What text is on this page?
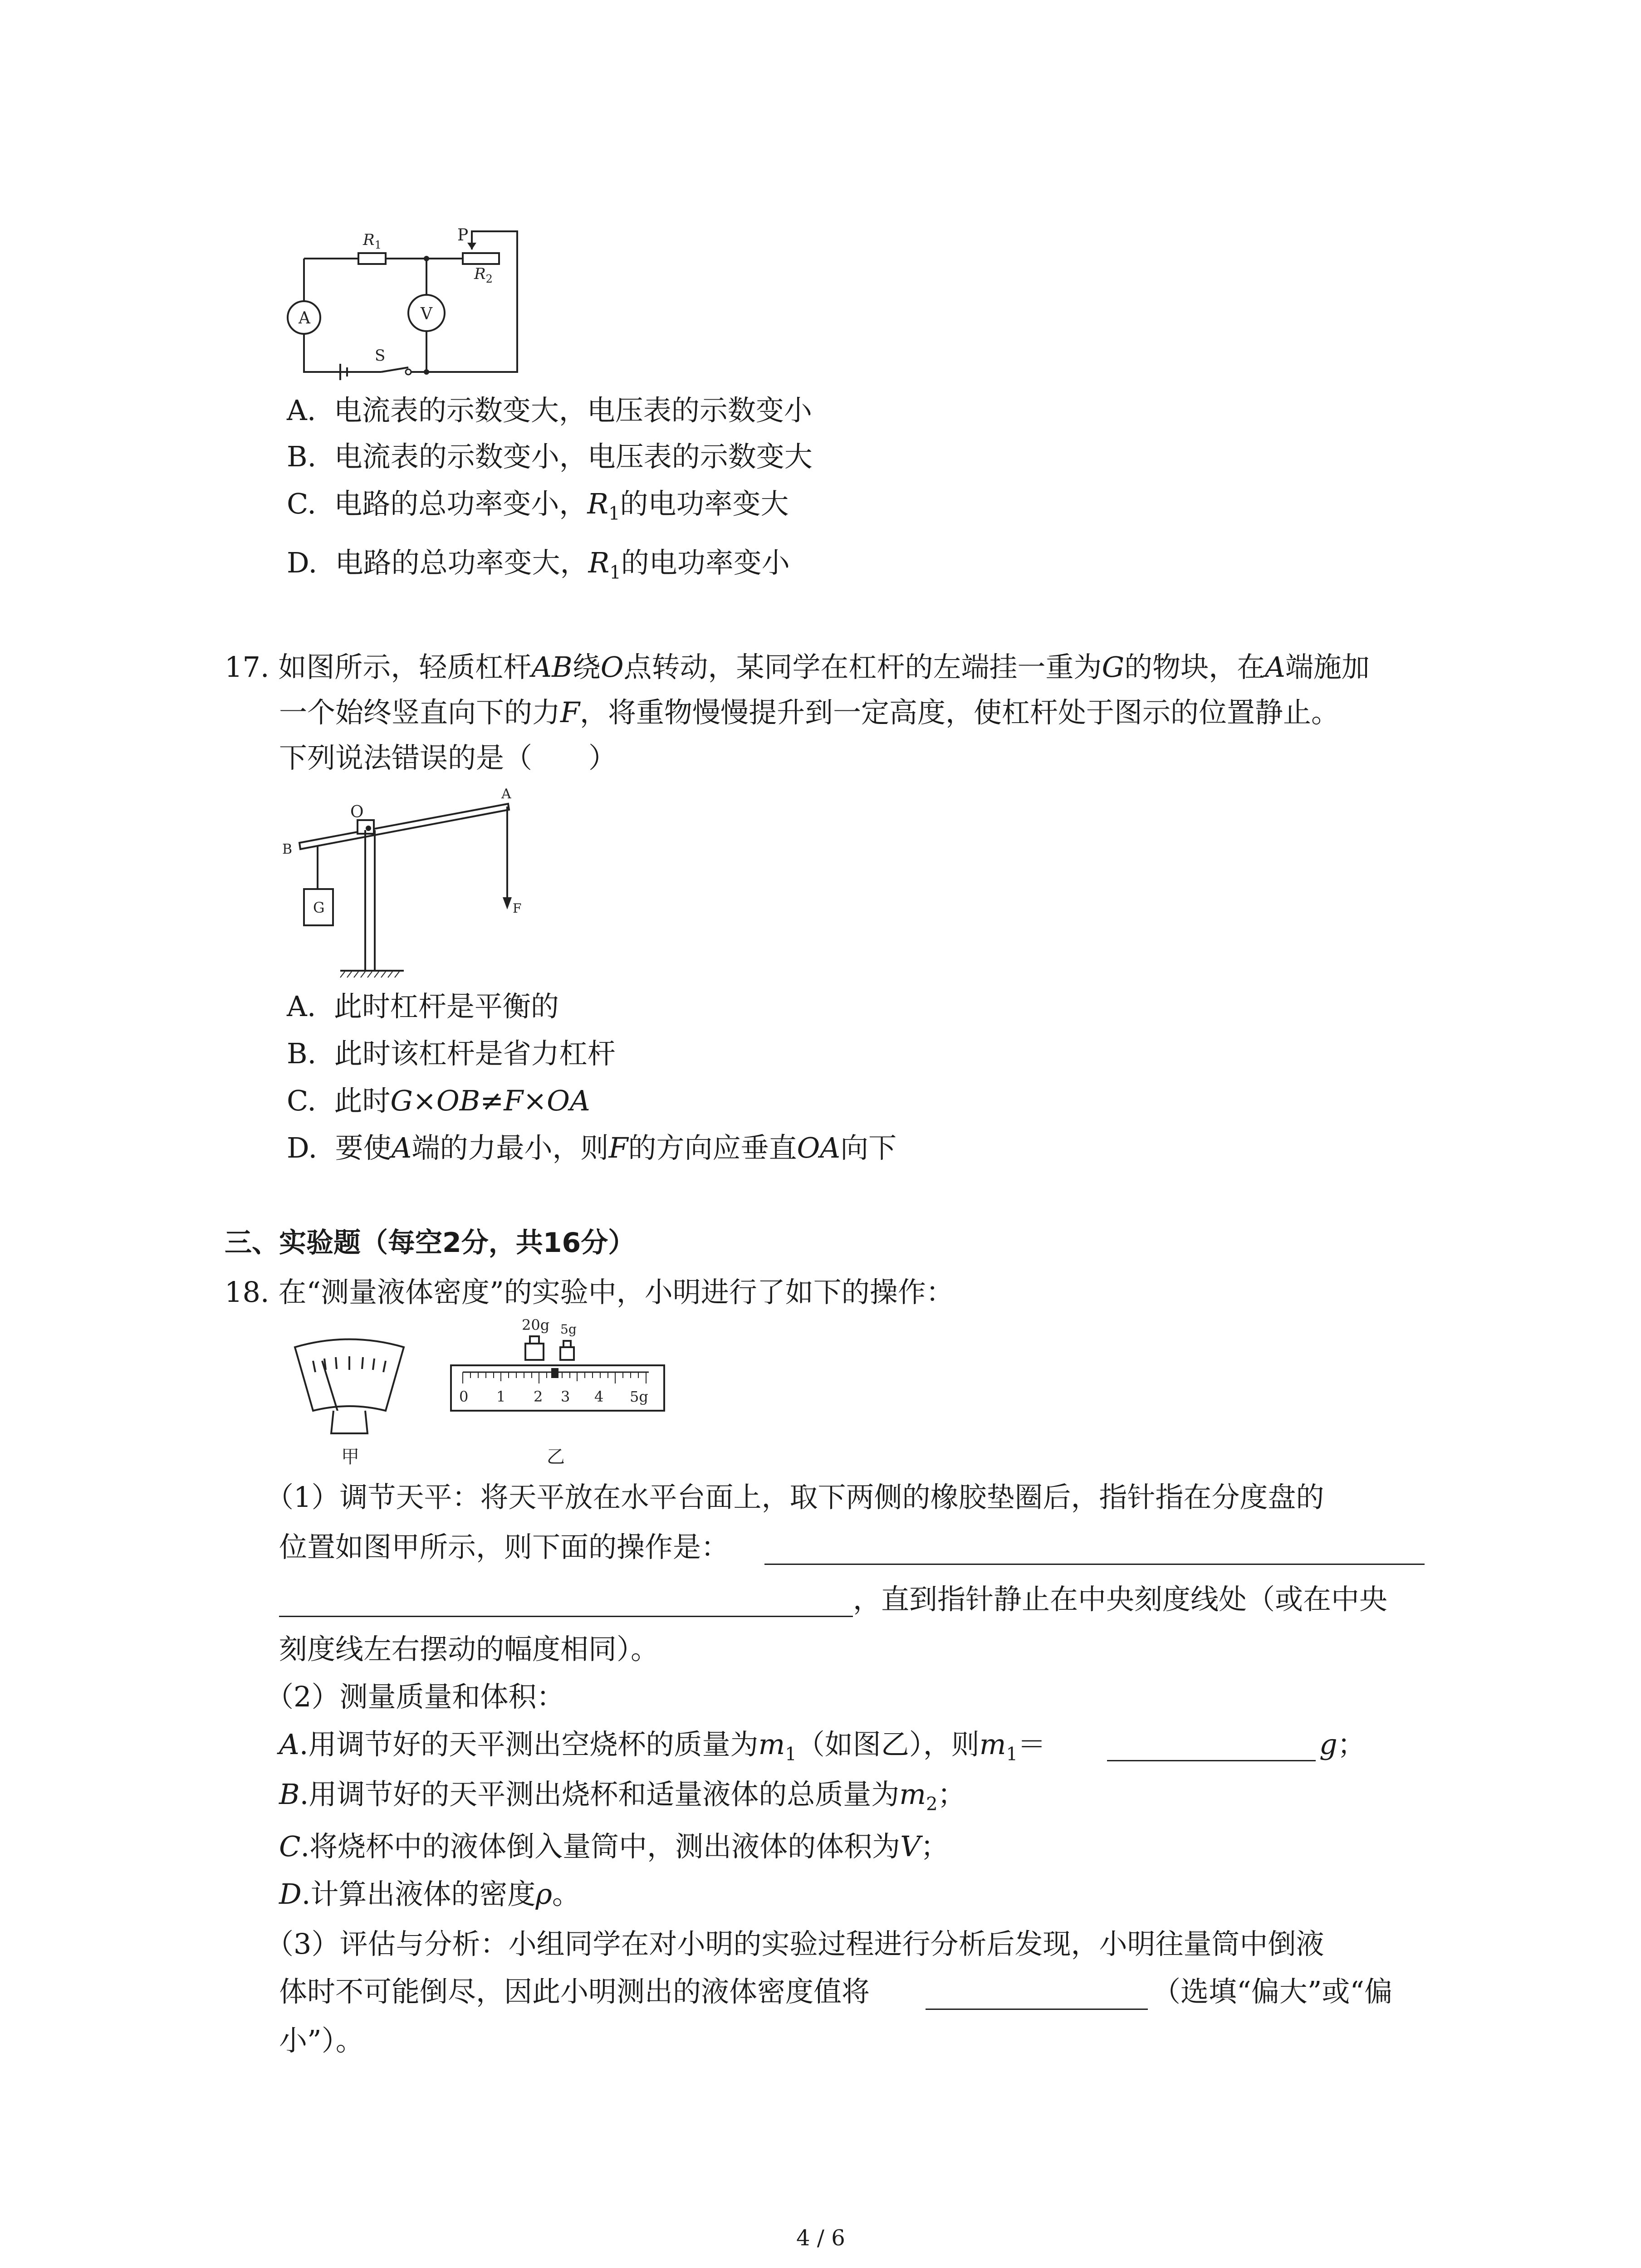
$R_1$
P
$R_2$
A	V
S
A. 电流表的示数变大，电压表的示数变小
B. 电流表的示数变小，电压表的示数变大
C. 电路的总功率变小，$R_1$的电功率变大
D. 电路的总功率变大，$R_1$的电功率变小
17. 如图所示，轻质杠杆AB绕O点转动，某同学在杠杆的左端挂一重为G的物块，在A端施加
一个始终竖直向下的力F，将重物慢慢提升到一定高度，使杠杆处于图示的位置静止。
下列说法错误的是（　　）
O
A
B
G	F
A. 此时杠杆是平衡的
B. 此时该杠杆是省力杠杆
C. 此时G×OB≠F×OA
D. 要使A端的力最小，则F的方向应垂直OA向下
三、实验题（每空2分，共16分）
18. 在“测量液体密度”的实验中，小明进行了如下的操作：
甲
20g 5g
0 1 2 3 4 5g
乙
（1）调节天平：将天平放在水平台面上，取下两侧的橡胶垫圈后，指针指在分度盘的
位置如图甲所示，则下面的操作是：
，直到指针静止在中央刻度线处（或在中央
刻度线左右摆动的幅度相同）。
（2）测量质量和体积：
A.用调节好的天平测出空烧杯的质量为$m_1$（如图乙），则$m_1=$	g；
B.用调节好的天平测出烧杯和适量液体的总质量为$m_2$；
C.将烧杯中的液体倒入量筒中，测出液体的体积为V；
D.计算出液体的密度ρ。
（3）评估与分析：小组同学在对小明的实验过程进行分析后发现，小明往量筒中倒液
体时不可能倒尽，因此小明测出的液体密度值将	（选填“偏大”或“偏
小”）。
4 / 6
